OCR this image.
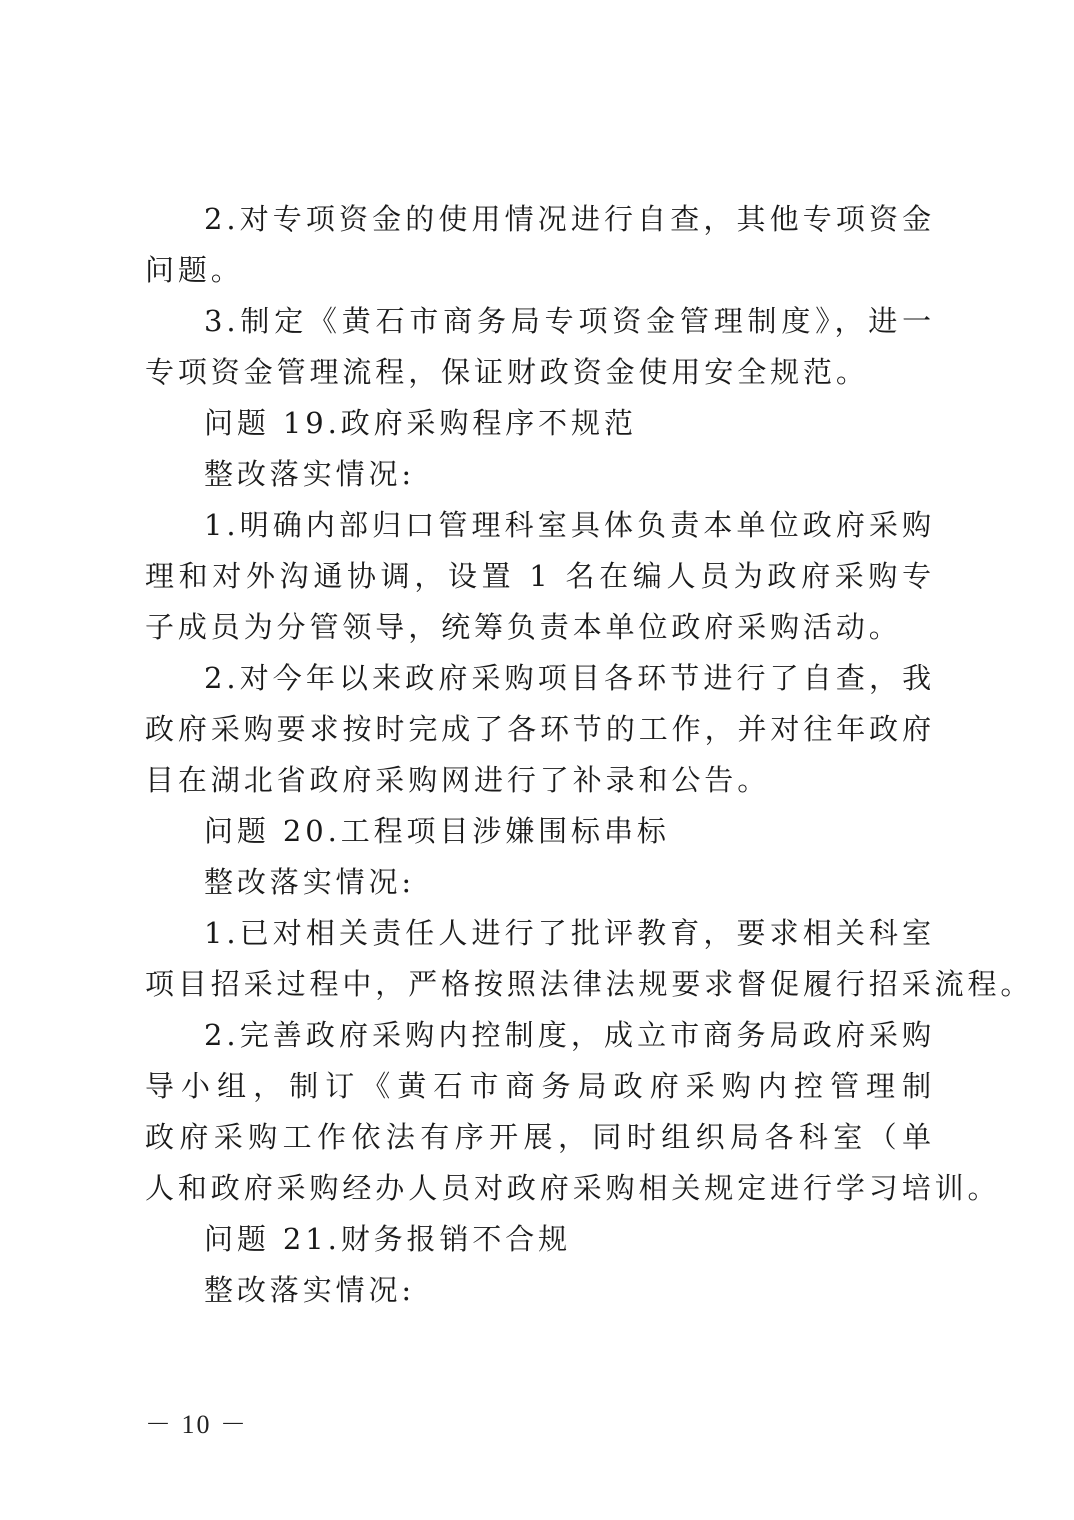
2.对专项资金的使用情况进行自查，其他专项资金
问题。
3.制定《黄石市商务局专项资金管理制度》，进一
专项资金管理流程，保证财政资金使用安全规范。
问题 19.政府采购程序不规范
整改落实情况:
1.明确内部归口管理科室具体负责本单位政府采购
理和对外沟通协调，设置 1 名在编人员为政府采购专
子成员为分管领导，统筹负责本单位政府采购活动。
2.对今年以来政府采购项目各环节进行了自查，我
政府采购要求按时完成了各环节的工作，并对往年政府
目在湖北省政府采购网进行了补录和公告。
问题 20.工程项目涉嫌围标串标
整改落实情况:
1.已对相关责任人进行了批评教育，要求相关科室
项目招采过程中，严格按照法律法规要求督促履行招采流程。
2.完善政府采购内控制度，成立市商务局政府采购
导小组，制订《黄石市商务局政府采购内控管理制
政府采购工作依法有序开展，同时组织局各科室（单
人和政府采购经办人员对政府采购相关规定进行学习培训。
问题 21.财务报销不合规
整改落实情况:
－ 10 －
